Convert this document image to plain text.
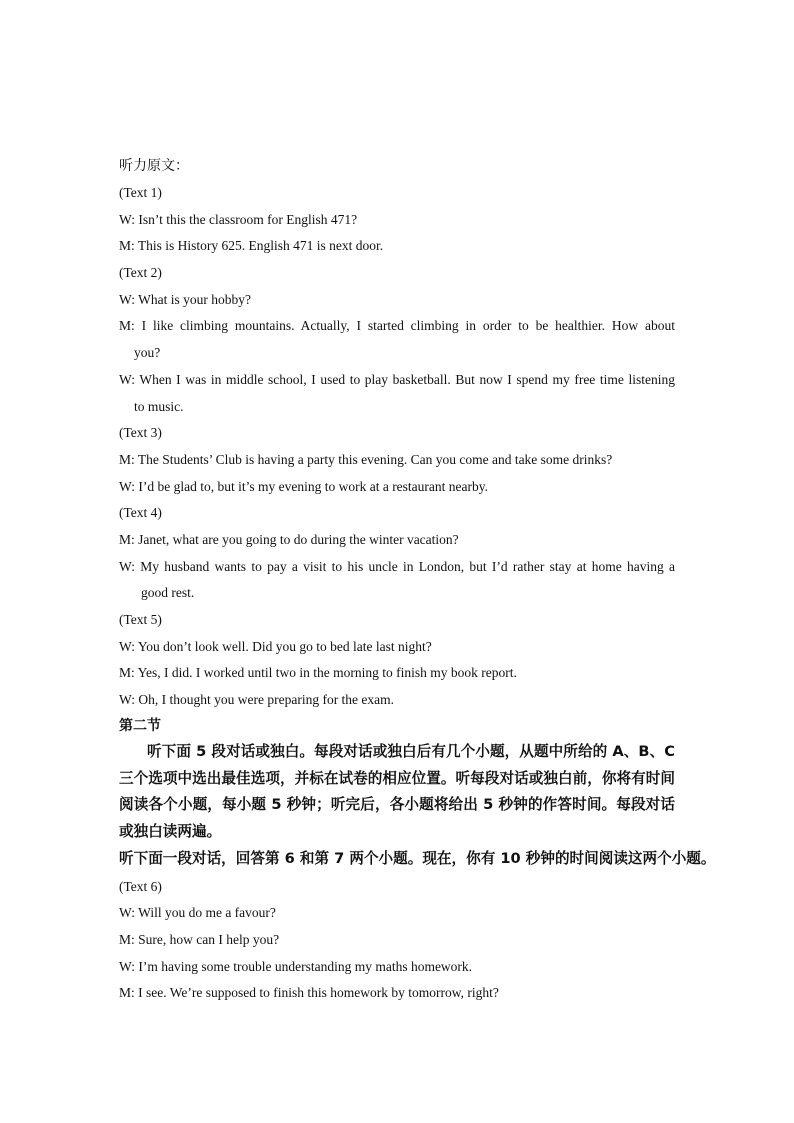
听力原文：
(Text 1)
W: Isn’t this the classroom for English 471?
M: This is History 625. English 471 is next door.
(Text 2)
W: What is your hobby?
M: I like climbing mountains. Actually, I started climbing in order to be healthier. How about
you?
W: When I was in middle school, I used to play basketball. But now I spend my free time listening
to music.
(Text 3)
M: The Students’ Club is having a party this evening. Can you come and take some drinks?
W: I’d be glad to, but it’s my evening to work at a restaurant nearby.
(Text 4)
M: Janet, what are you going to do during the winter vacation?
W: My husband wants to pay a visit to his uncle in London, but I’d rather stay at home having a
good rest.
(Text 5)
W: You don’t look well. Did you go to bed late last night?
M: Yes, I did. I worked until two in the morning to finish my book report.
W: Oh, I thought you were preparing for the exam.
第二节
听下面 5 段对话或独白。每段对话或独白后有几个小题，从题中所给的 A、B、C 三个选项中选出最佳选项，并标在试卷的相应位置。听每段对话或独白前，你将有时间阅读各个小题，每小题 5 秒钟；听完后，各小题将给出 5 秒钟的作答时间。每段对话或独白读两遍。
听下面一段对话，回答第 6 和第 7 两个小题。现在，你有 10 秒钟的时间阅读这两个小题。
(Text 6)
W: Will you do me a favour?
M: Sure, how can I help you?
W: I’m having some trouble understanding my maths homework.
M: I see. We’re supposed to finish this homework by tomorrow, right?
